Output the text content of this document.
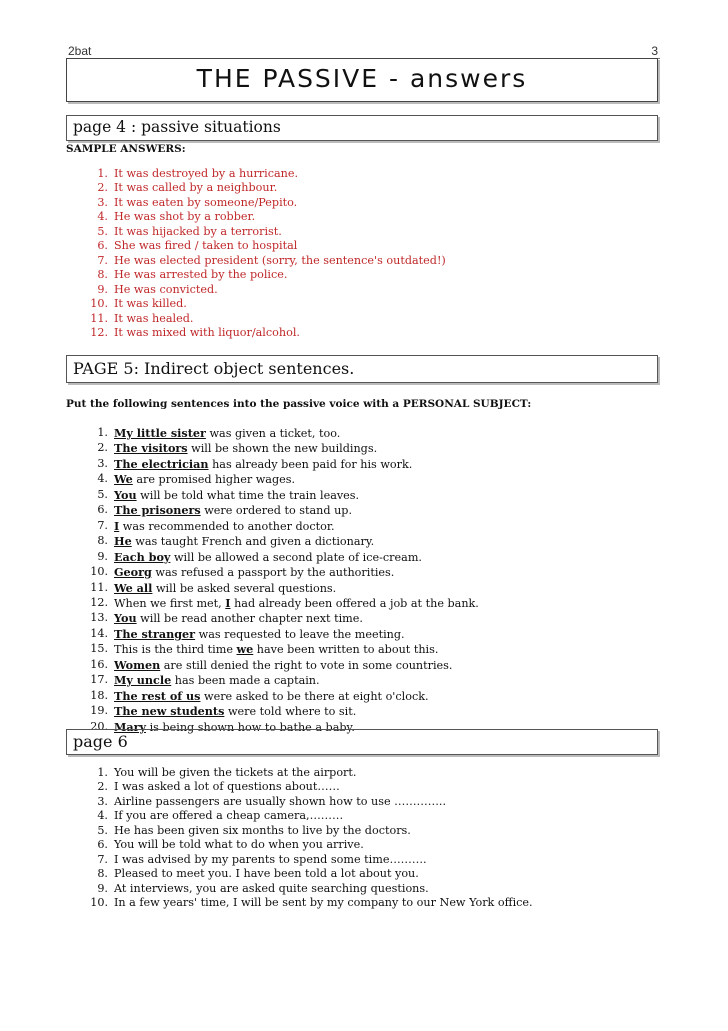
2bat	3
THE PASSIVE - answers
page 4 : passive situations
SAMPLE ANSWERS:
1. It was destroyed by a hurricane.
2. It was called by a neighbour.
3. It was eaten by someone/Pepito.
4. He was shot by a robber.
5. It was hijacked by a terrorist.
6. She was fired / taken to hospital
7. He was elected president (sorry, the sentence's outdated!)
8. He was arrested by the police.
9. He was convicted.
10. It was killed.
11. It was healed.
12. It was mixed with liquor/alcohol.
PAGE 5: Indirect object sentences.
Put the following sentences into the passive voice with a PERSONAL SUBJECT:
1. My little sister was given a ticket, too.
2. The visitors will be shown the new buildings.
3. The electrician has already been paid for his work.
4. We are promised higher wages.
5. You will be told what time the train leaves.
6. The prisoners were ordered to stand up.
7. I was recommended to another doctor.
8. He was taught French and given a dictionary.
9. Each boy will be allowed a second plate of ice-cream.
10. Georg was refused a passport by the authorities.
11. We all will be asked several questions.
12. When we first met, I had already been offered a job at the bank.
13. You will be read another chapter next time.
14. The stranger was requested to leave the meeting.
15. This is the third time we have been written to about this.
16. Women are still denied the right to vote in some countries.
17. My uncle has been made a captain.
18. The rest of us were asked to be there at eight o'clock.
19. The new students were told where to sit.
20. Mary is being shown how to bathe a baby.
page 6
1. You will be given the tickets at the airport.
2. I was asked a lot of questions about……
3. Airline passengers are usually shown how to use …………..
4. If you are offered a cheap camera,………
5. He has been given six months to live by the doctors.
6. You will be told what to do when you arrive.
7. I was advised by my parents to spend some time……….
8. Pleased to meet you. I have been told a lot about you.
9. At interviews, you are asked quite searching questions.
10. In a few years' time, I will be sent by my company to our New York office.
